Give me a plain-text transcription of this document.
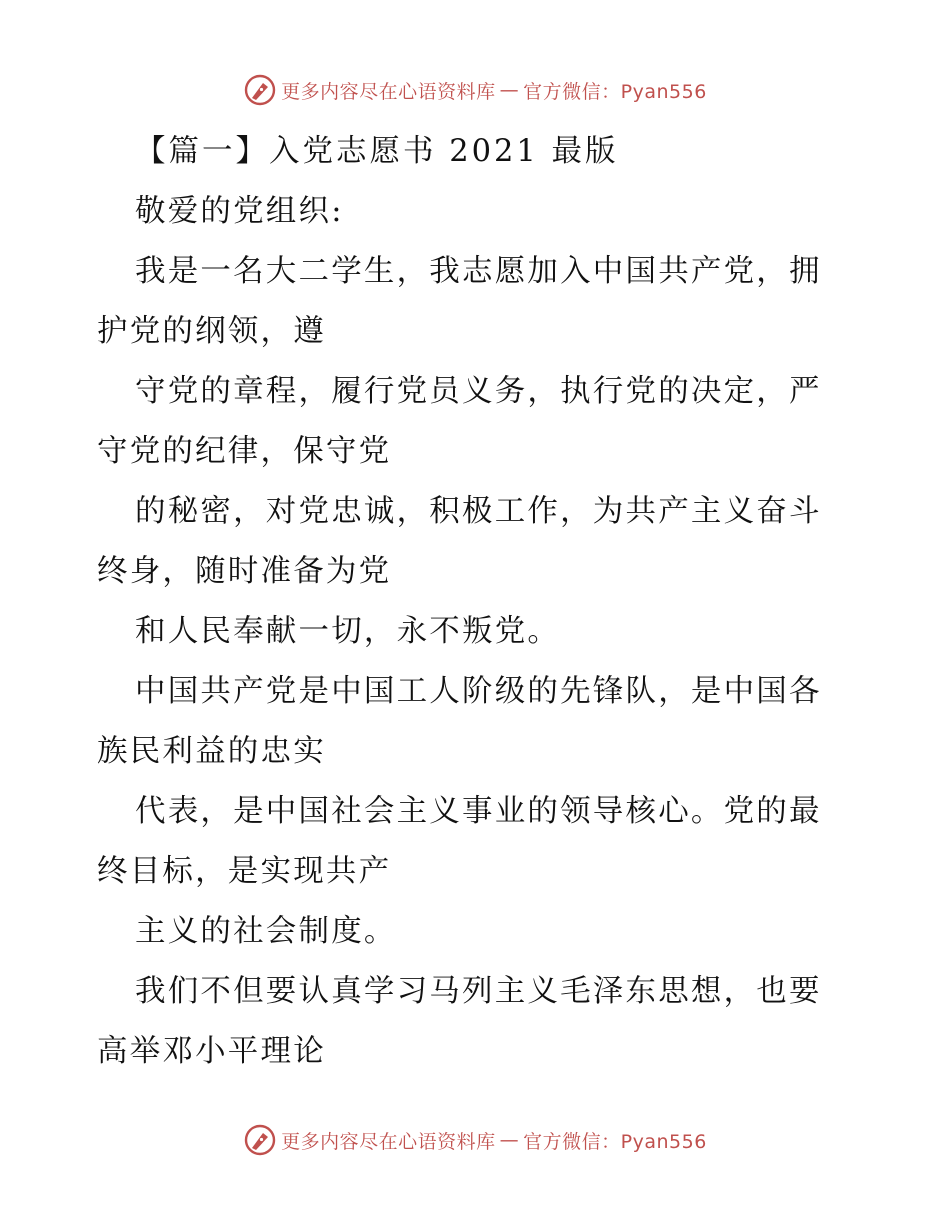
更多内容尽在心语资料库 — 官方微信：Pyan556
【篇一】入党志愿书 2021 最版
敬爱的党组织:
我是一名大二学生，我志愿加入中国共产党，拥
护党的纲领，遵
守党的章程，履行党员义务，执行党的决定，严
守党的纪律，保守党
的秘密，对党忠诚，积极工作，为共产主义奋斗
终身，随时准备为党
和人民奉献一切，永不叛党。
中国共产党是中国工人阶级的先锋队，是中国各
族民利益的忠实
代表，是中国社会主义事业的领导核心。党的最
终目标，是实现共产
主义的社会制度。
我们不但要认真学习马列主义毛泽东思想，也要
高举邓小平理论
更多内容尽在心语资料库 — 官方微信：Pyan556
